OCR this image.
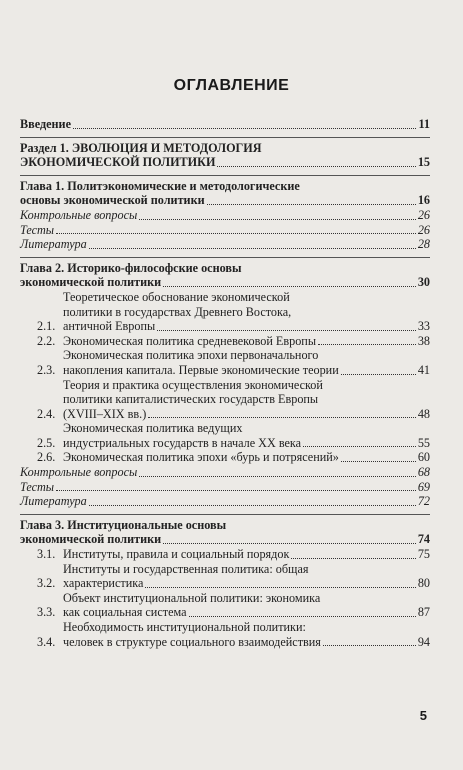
ОГЛАВЛЕНИЕ
Введение	11
Раздел 1. ЭВОЛЮЦИЯ И МЕТОДОЛОГИЯ
ЭКОНОМИЧЕСКОЙ ПОЛИТИКИ	15
Глава 1. Политэкономические и методологические
основы экономической политики	16
Контрольные вопросы	26
Тесты	26
Литература	28
Глава 2. Историко-философские основы
экономической политики	30
2.1.
Теоретическое обоснование экономической
политики в государствах Древнего Востока,
античной Европы	33
2.2. Экономическая политика средневековой Европы	38
2.3.
Экономическая политика эпохи первоначального
накопления капитала. Первые экономические теории	41
2.4.
Теория и практика осуществления экономической
политики капиталистических государств Европы
(XVIII–XIX вв.)	48
2.5.
Экономическая политика ведущих
индустриальных государств в начале XX века	55
2.6. Экономическая политика эпохи «бурь и потрясений»	60
Контрольные вопросы	68
Тесты	69
Литература	72
Глава 3. Институциональные основы
экономической политики	74
3.1. Институты, правила и социальный порядок	75
3.2.
Институты и государственная политика: общая
характеристика	80
3.3.
Объект институциональной политики: экономика
как социальная система	87
3.4.
Необходимость институциональной политики:
человек в структуре социального взаимодействия	94
5
